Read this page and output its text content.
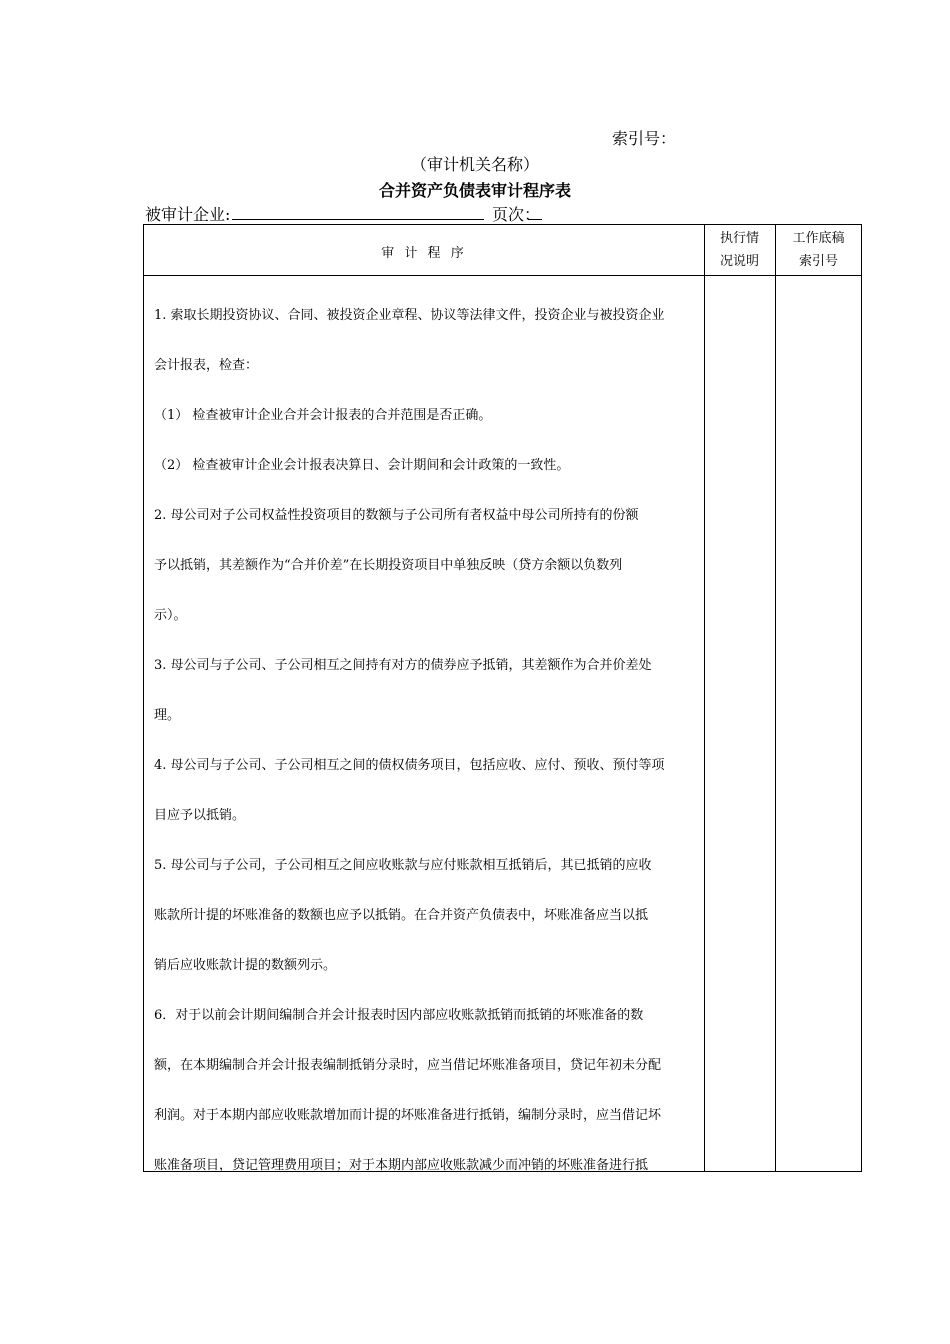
索引号：
（审计机关名称）
合并资产负债表审计程序表
被审计企业:	页次：
审 计 程 序
执行情
况说明
工作底稿
索引号
1. 索取长期投资协议、合同、被投资企业章程、协议等法律文件，投资企业与被投资企业
会计报表，检查：
（1） 检查被审计企业合并会计报表的合并范围是否正确。
（2） 检查被审计企业会计报表决算日、会计期间和会计政策的一致性。
2. 母公司对子公司权益性投资项目的数额与子公司所有者权益中母公司所持有的份额
予以抵销，其差额作为“合并价差”在长期投资项目中单独反映（贷方余额以负数列
示）。
3. 母公司与子公司、子公司相互之间持有对方的债券应予抵销，其差额作为合并价差处
理。
4. 母公司与子公司、子公司相互之间的债权债务项目，包括应收、应付、预收、预付等项
目应予以抵销。
5. 母公司与子公司，子公司相互之间应收账款与应付账款相互抵销后，其已抵销的应收
账款所计提的坏账准备的数额也应予以抵销。在合并资产负债表中，坏账准备应当以抵
销后应收账款计提的数额列示。
6．对于以前会计期间编制合并会计报表时因内部应收账款抵销而抵销的坏账准备的数
额，在本期编制合并会计报表编制抵销分录时，应当借记坏账准备项目，贷记年初未分配
利润。对于本期内部应收账款增加而计提的坏账准备进行抵销，编制分录时，应当借记坏
账准备项目，贷记管理费用项目；对于本期内部应收账款减少而冲销的坏账准备进行抵
